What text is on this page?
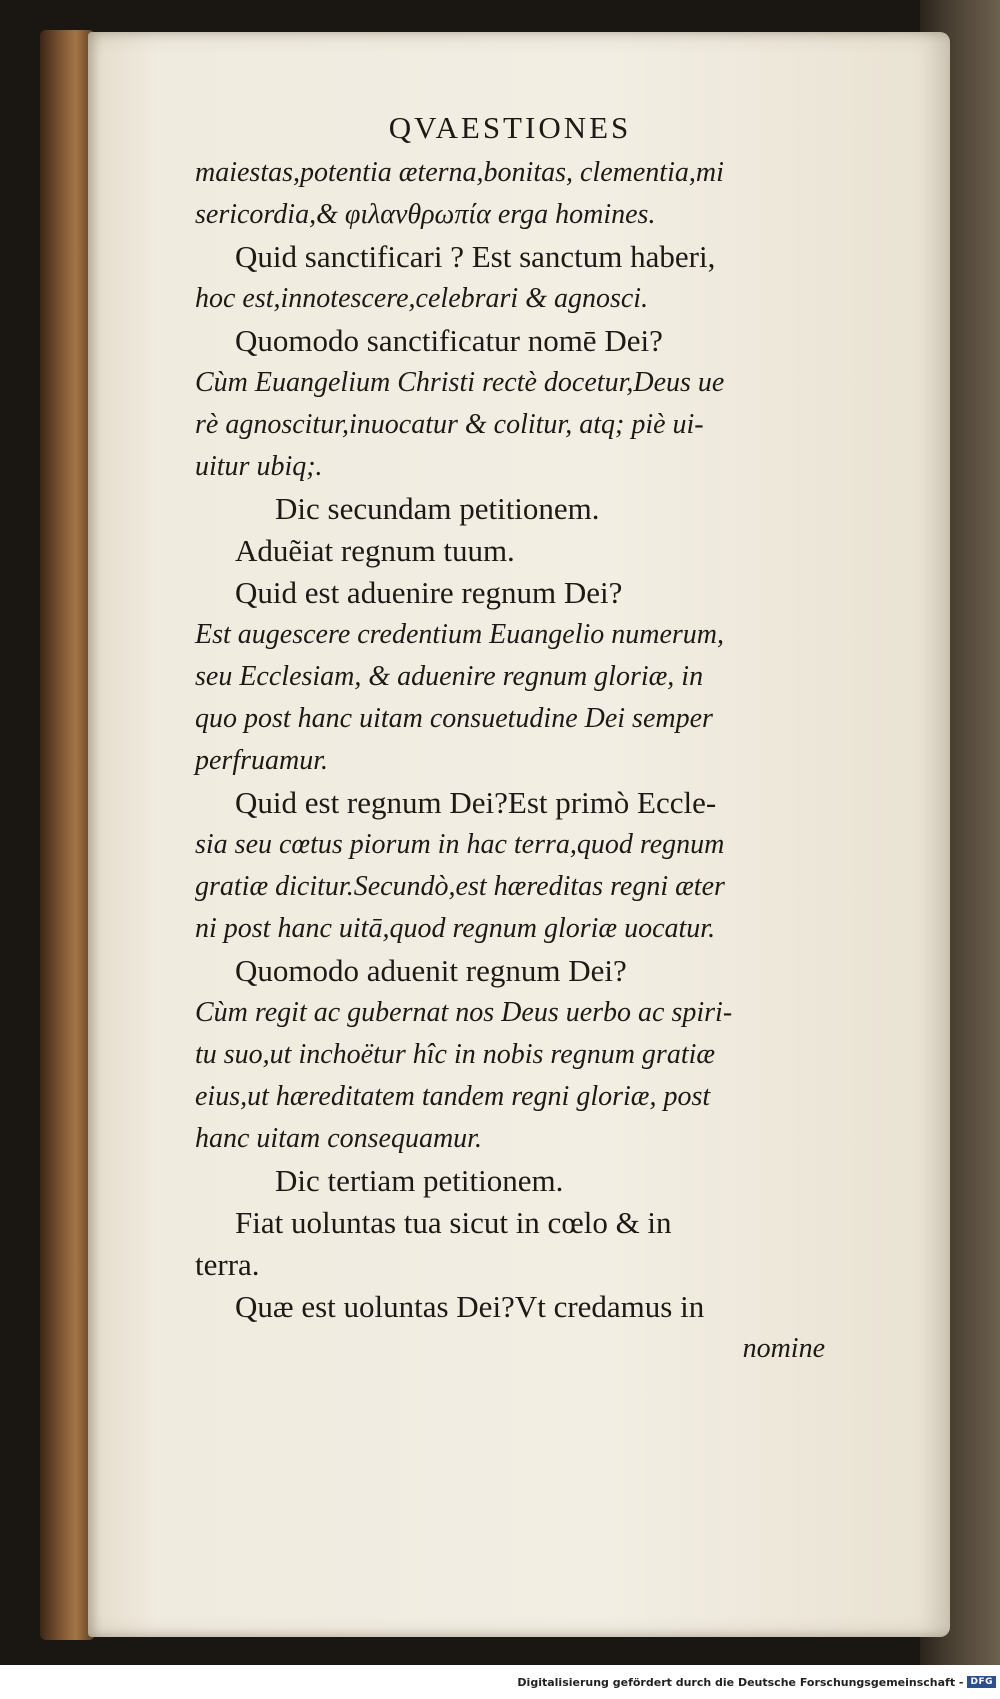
QVAESTIONES
maiestas,potentia æterna,bonitas, clementia,mi
sericordia,& φιλανθρωπία erga homines.
Quid sanctificari ? Est sanctum haberi,
hoc est,innotescere,celebrari & agnosci.
Quomodo sanctificatur nomē Dei?
Cùm Euangelium Christi rectè docetur,Deus ue
rè agnoscitur,inuocatur & colitur, atq; piè ui-
uitur ubiq;.
Dic secundam petitionem.
Aduẽiat regnum tuum.
Quid est aduenire regnum Dei?
Est augescere credentium Euangelio numerum,
seu Ecclesiam, & aduenire regnum gloriæ, in
quo post hanc uitam consuetudine Dei semper
perfruamur.
Quid est regnum Dei?Est primò Eccle-
sia seu cœtus piorum in hac terra,quod regnum
gratiæ dicitur.Secundò,est hæreditas regni æter
ni post hanc uitā,quod regnum gloriæ uocatur.
Quomodo aduenit regnum Dei?
Cùm regit ac gubernat nos Deus uerbo ac spiri-
tu suo,ut inchoëtur hîc in nobis regnum gratiæ
eius,ut hæreditatem tandem regni gloriæ, post
hanc uitam consequamur.
Dic tertiam petitionem.
Fiat uoluntas tua sicut in cœlo & in
terra.
Quæ est uoluntas Dei?Vt credamus in
nomine
Digitalisierung gefördert durch die Deutsche Forschungsgemeinschaft - DFG
